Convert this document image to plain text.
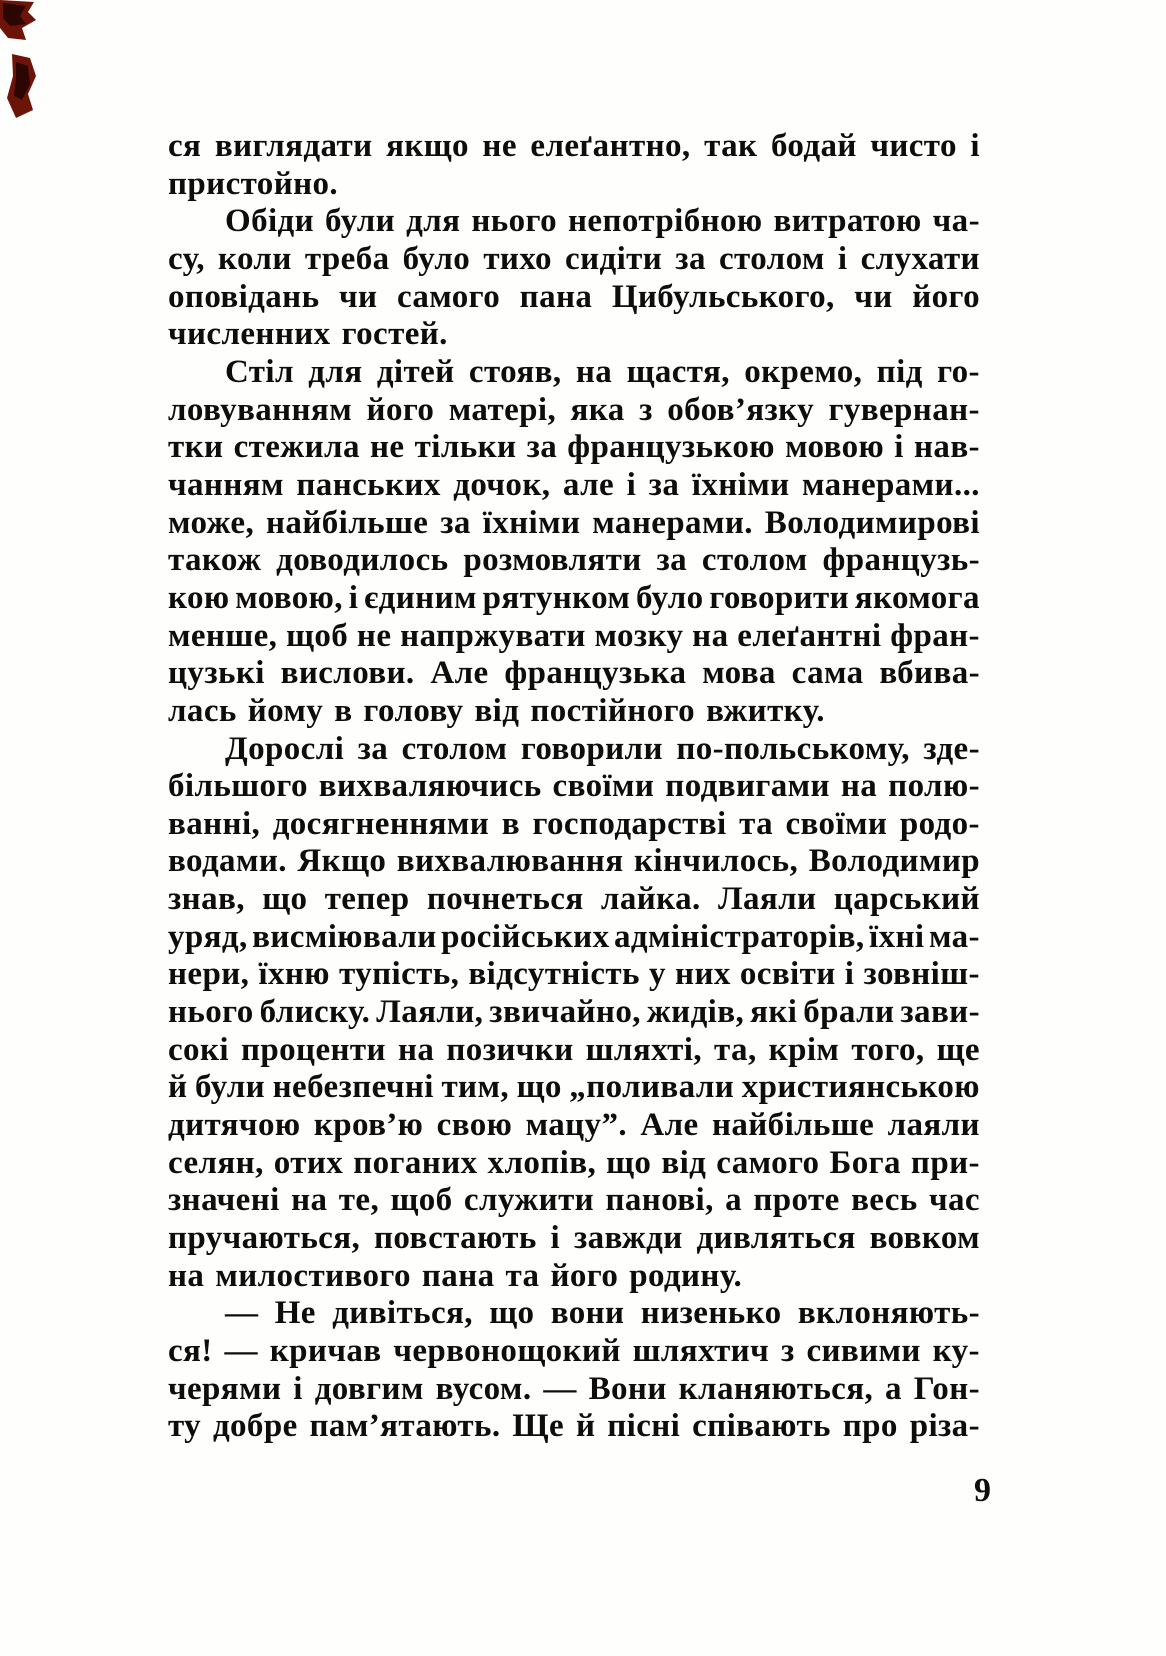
ся виглядати якщо не елеґантно, так бодай чисто і
пристойно.
Обіди були для нього непотрібною витратою ча-
су, коли треба було тихо сидіти за столом і слухати
оповідань чи самого пана Цибульського, чи його
численних гостей.
Стіл для дітей стояв, на щастя, окремо, під го-
ловуванням його матері, яка з обов’язку гувернан-
тки стежила не тільки за французькою мовою і нав-
чанням панських дочок, але і за їхніми манерами...
може, найбільше за їхніми манерами. Володимирові
також доводилось розмовляти за столом французь-
кою мовою, і єдиним рятунком було говорити якомога
менше, щоб не напржувати мозку на елеґантні фран-
цузькі вислови. Але французька мова сама вбива-
лась йому в голову від постійного вжитку.
Дорослі за столом говорили по-польському, зде-
більшого вихваляючись своїми подвигами на полю-
ванні, досягненнями в господарстві та своїми родо-
водами. Якщо вихвалювання кінчилось, Володимир
знав, що тепер почнеться лайка. Лаяли царський
уряд, висміювали російських адміністраторів, їхні ма-
нери, їхню тупість, відсутність у них освіти і зовніш-
нього блиску. Лаяли, звичайно, жидів, які брали зави-
сокі проценти на позички шляхті, та, крім того, ще
й були небезпечні тим, що „поливали християнською
дитячою кров’ю свою мацу”. Але найбільше лаяли
селян, отих поганих хлопів, що від самого Бога при-
значені на те, щоб служити панові, а проте весь час
пручаються, повстають і завжди дивляться вовком
на милостивого пана та його родину.
— Не дивіться, що вони низенько вклоняють-
ся! — кричав червонощокий шляхтич з сивими ку-
черями і довгим вусом. — Вони кланяються, а Гон-
ту добре пам’ятають. Ще й пісні співають про різа-
9
